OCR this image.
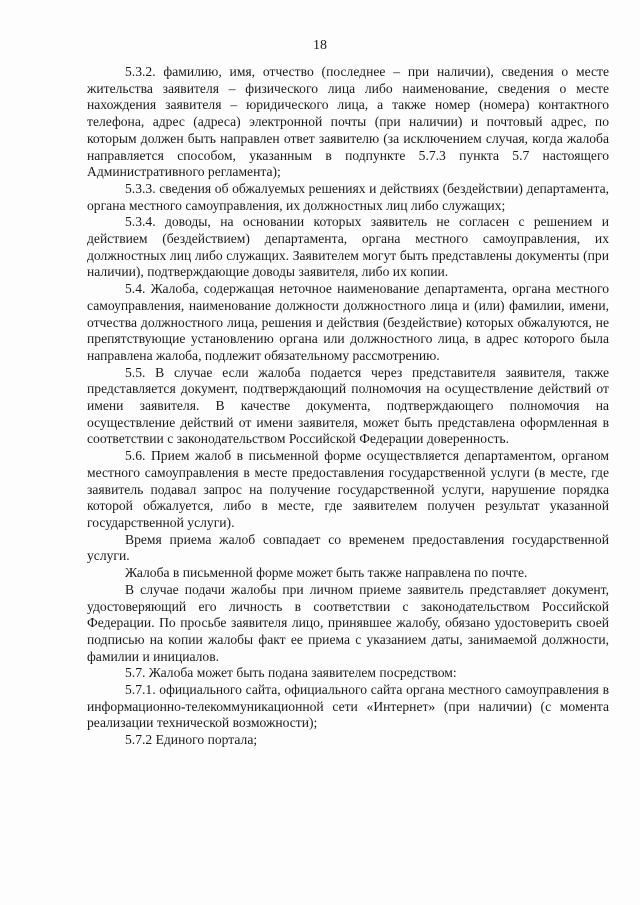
18

5.3.2. фамилию, имя, отчество (последнее – при наличии), сведения о месте жительства заявителя – физического лица либо наименование, сведения о месте нахождения заявителя – юридического лица, а также номер (номера) контактного телефона, адрес (адреса) электронной почты (при наличии) и почтовый адрес, по которым должен быть направлен ответ заявителю (за исключением случая, когда жалоба направляется способом, указанным в подпункте 5.7.3 пункта 5.7 настоящего Административного регламента);

5.3.3. сведения об обжалуемых решениях и действиях (бездействии) департамента, органа местного самоуправления, их должностных лиц либо служащих;

5.3.4. доводы, на основании которых заявитель не согласен с решением и действием (бездействием) департамента, органа местного самоуправления, их должностных лиц либо служащих. Заявителем могут быть представлены документы (при наличии), подтверждающие доводы заявителя, либо их копии.

5.4. Жалоба, содержащая неточное наименование департамента, органа местного самоуправления, наименование должности должностного лица и (или) фамилии, имени, отчества должностного лица, решения и действия (бездействие) которых обжалуются, не препятствующие установлению органа или должностного лица, в адрес которого была направлена жалоба, подлежит обязательному рассмотрению.

5.5. В случае если жалоба подается через представителя заявителя, также представляется документ, подтверждающий полномочия на осуществление действий от имени заявителя. В качестве документа, подтверждающего полномочия на осуществление действий от имени заявителя, может быть представлена оформленная в соответствии с законодательством Российской Федерации доверенность.

5.6. Прием жалоб в письменной форме осуществляется департаментом, органом местного самоуправления в месте предоставления государственной услуги (в месте, где заявитель подавал запрос на получение государственной услуги, нарушение порядка которой обжалуется, либо в месте, где заявителем получен результат указанной государственной услуги).

Время приема жалоб совпадает со временем предоставления государственной услуги.

Жалоба в письменной форме может быть также направлена по почте.

В случае подачи жалобы при личном приеме заявитель представляет документ, удостоверяющий его личность в соответствии с законодательством Российской Федерации. По просьбе заявителя лицо, принявшее жалобу, обязано удостоверить своей подписью на копии жалобы факт ее приема с указанием даты, занимаемой должности, фамилии и инициалов.

5.7. Жалоба может быть подана заявителем посредством:

5.7.1. официального сайта, официального сайта органа местного самоуправления в информационно-телекоммуникационной сети «Интернет» (при наличии) (с момента реализации технической возможности);

5.7.2 Единого портала;
